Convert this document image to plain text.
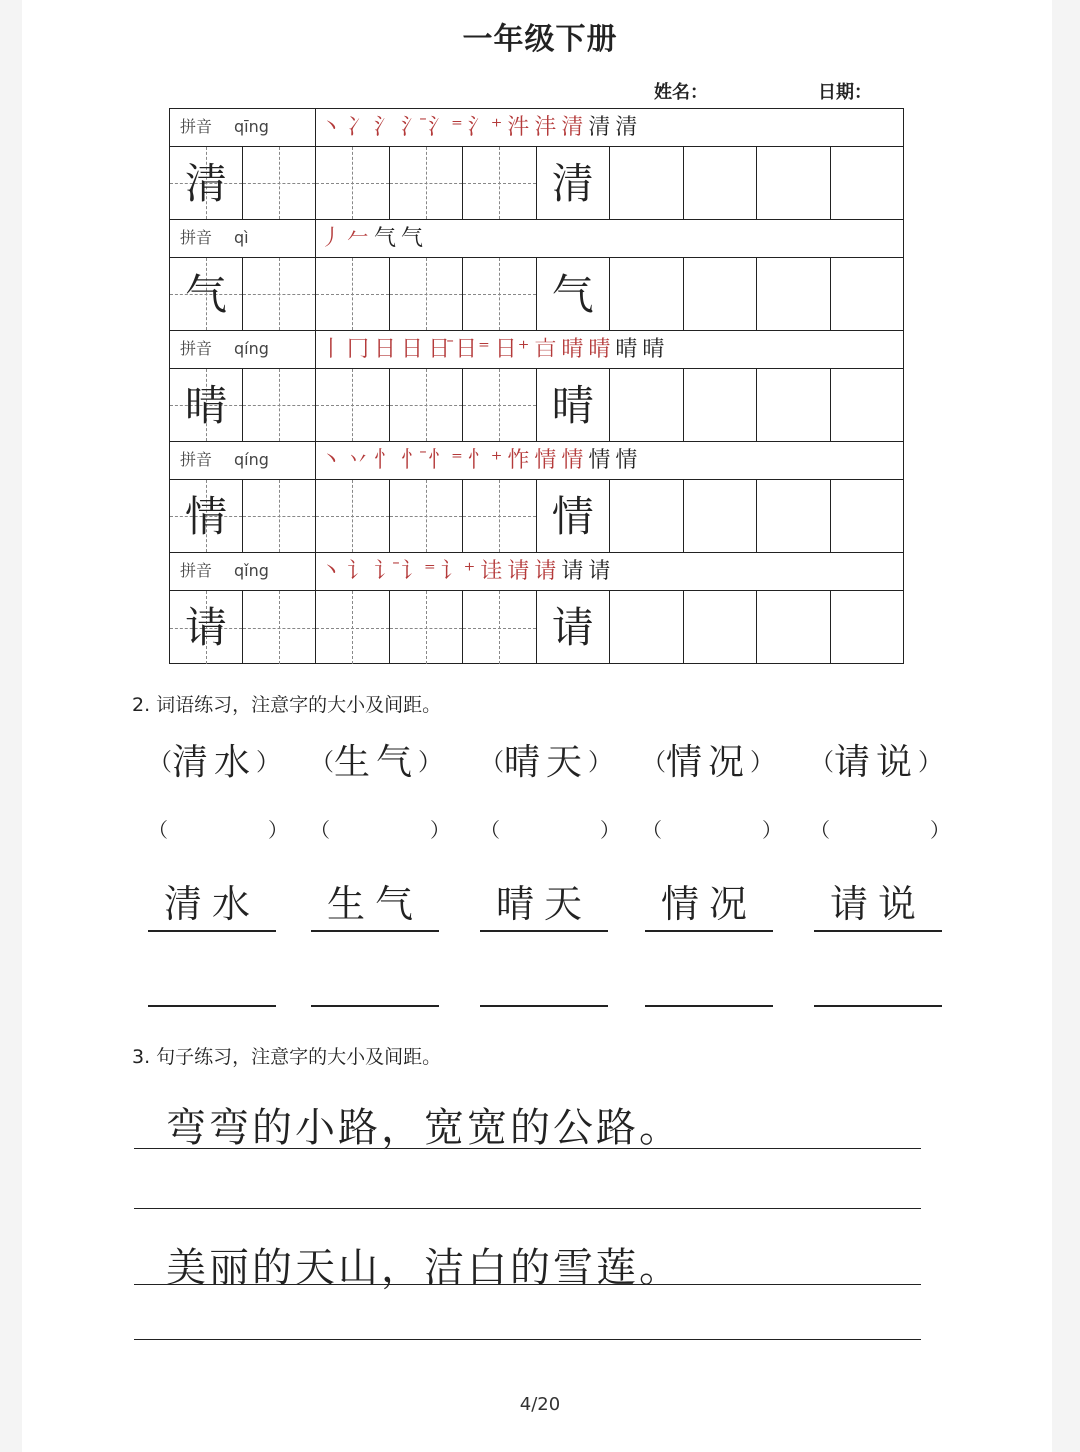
一年级下册
姓名：	日期：
拼音 qīng 丶 冫 氵 氵̄ 氵⁼ 氵⁺ 汼 沣 清 清 清
清	清
拼音 qì	丿 𠂉 气 气
气	气
拼音 qíng 丨 冂 日 日 日̄ 日⁼ 日⁺ 𣅀 晴 晴 晴 晴
晴	晴
拼音 qíng 丶 丷 忄 忄̄ 忄⁼ 忄⁺ 怍 情 情 情 情
情	情
拼音 qǐng 丶 讠 讠̄ 讠⁼ 讠⁺ 诖 请 请 请 请
请	请
2. 词语练习，注意字的大小及间距。
（清水）
（	）
清水
（生气）
（	）
生气
（晴天）
（	）
晴天
（情况）
（	）
情况
（请说）
（	）
请说
3. 句子练习，注意字的大小及间距。
弯弯的小路，宽宽的公路。
美丽的天山，洁白的雪莲。
4/20
